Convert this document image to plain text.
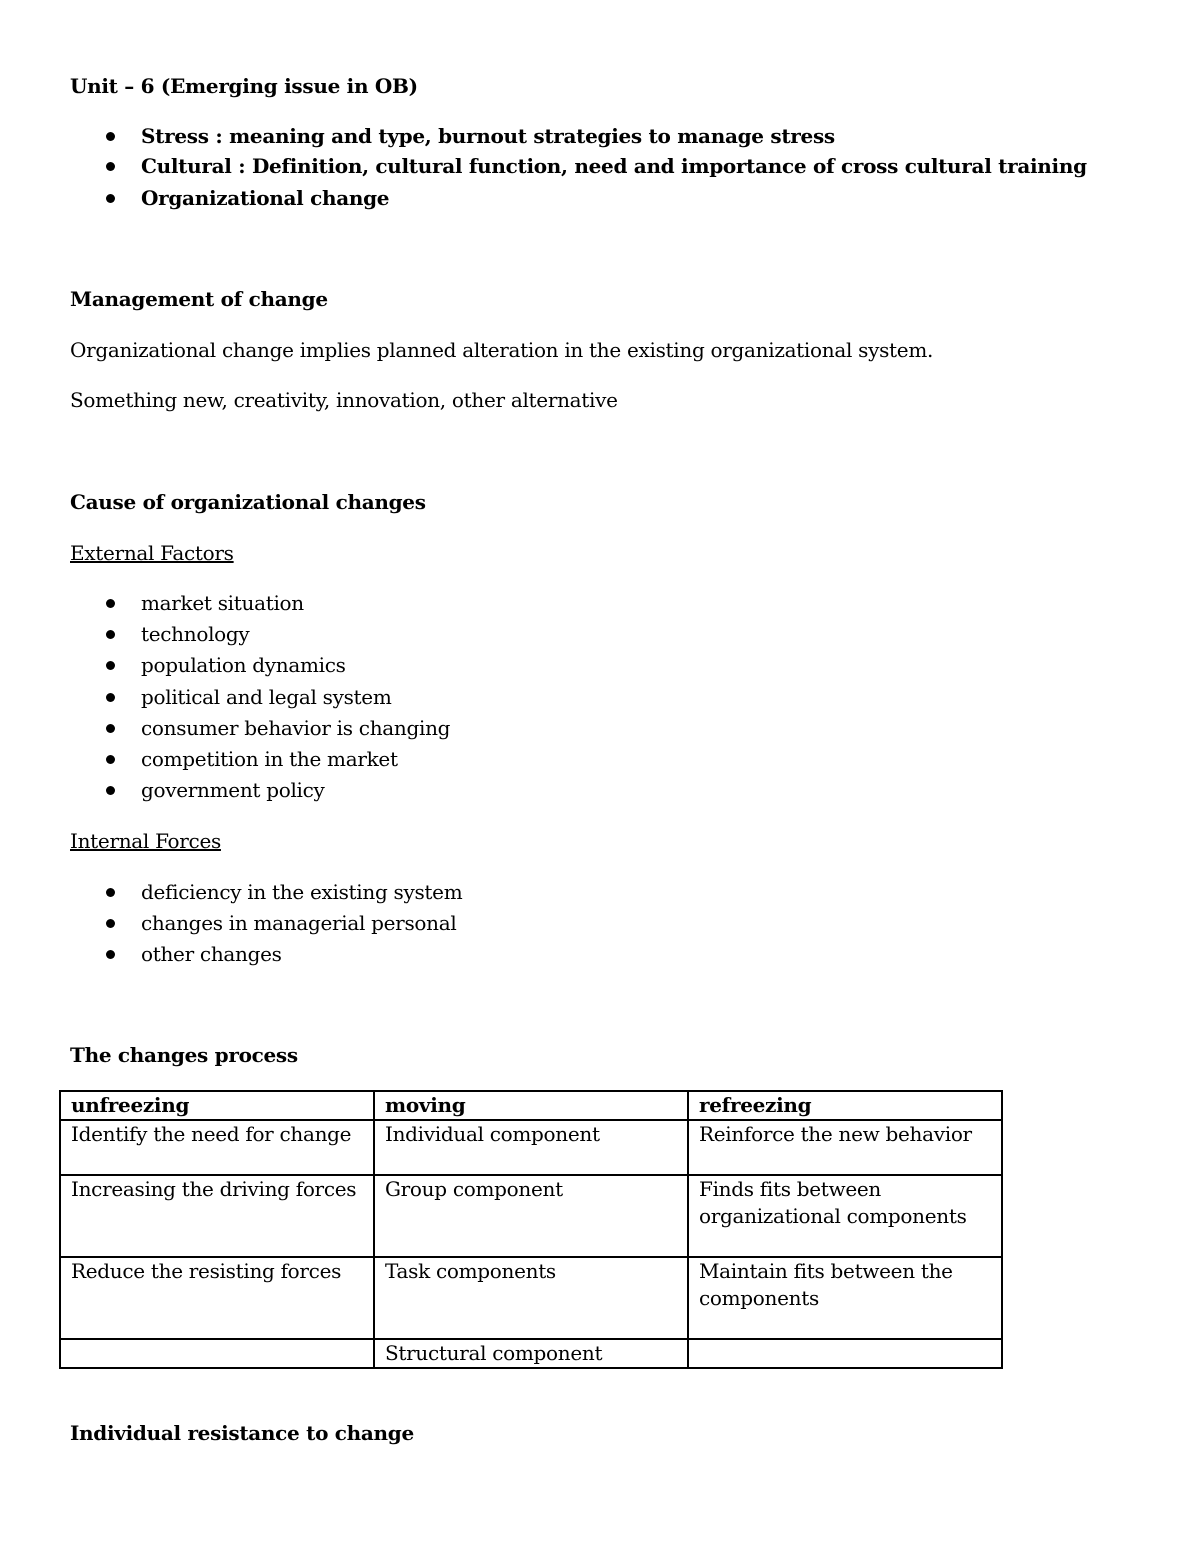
Unit – 6 (Emerging issue in OB)
Stress : meaning and type, burnout strategies to manage stress
Cultural : Definition, cultural function, need and importance of cross cultural training
Organizational change
Management of change
Organizational change implies planned alteration in the existing organizational system.
Something new, creativity, innovation, other alternative
Cause of organizational changes
External Factors
market situation
technology
population dynamics
political and legal system
consumer behavior is changing
competition in the market
government policy
Internal Forces
deficiency in the existing system
changes in managerial personal
other changes
The changes process
unfreezing	moving	refreezing
Identify the need for change	Individual component	Reinforce the new behavior
Increasing the driving forces	Group component	Finds fits between organizational components
Reduce the resisting forces	Task components	Maintain fits between the components
	Structural component	
Individual resistance to change
